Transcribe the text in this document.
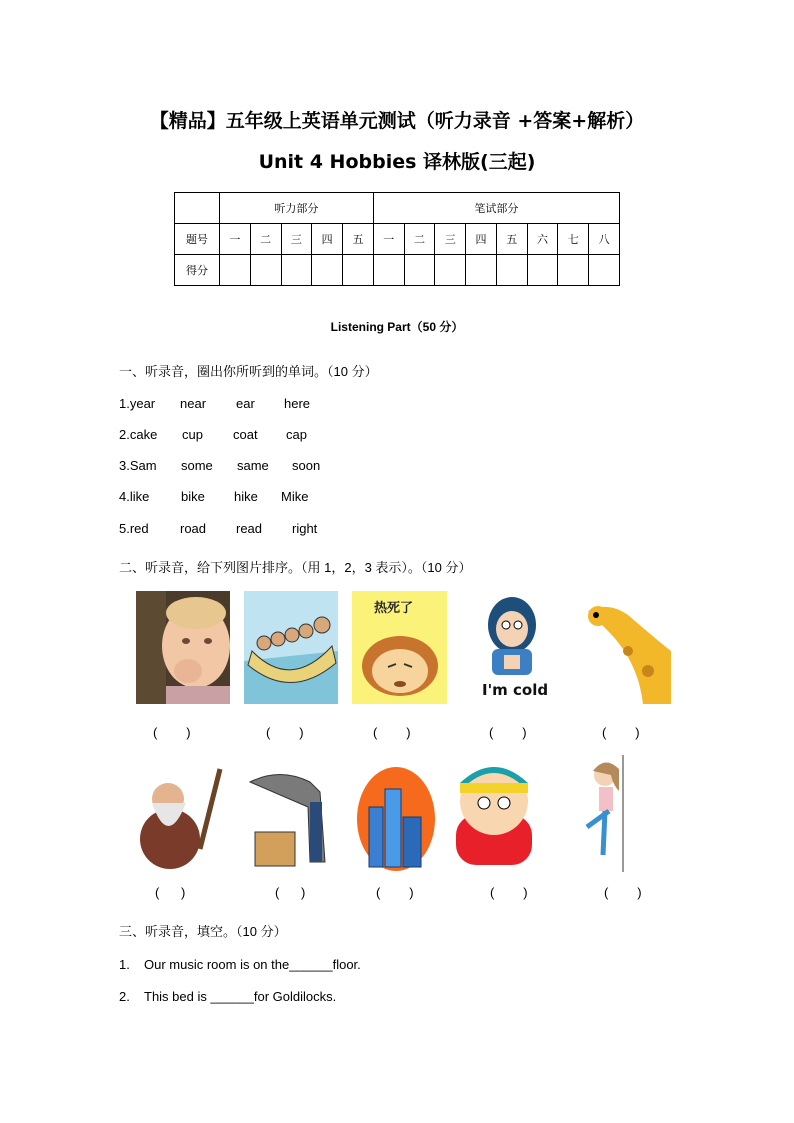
【精品】五年级上英语单元测试（听力录音 +答案+解析）
Unit 4 Hobbies 译林版(三起)
	听力部分					笔试部分							
题号	一	二	三	四	五	一	二	三	四	五	六	七	八
得分													
Listening Part（50 分）
一、听录音，圈出你所听到的单词。（10 分）
1.year near ear here
2.cake cup coat cap
3.Sam some same soon
4.like bike hike Mike
5.red road read right
二、听录音，给下列图片排序。（用 1，2，3 表示）。（10 分）
热死了
I'm cold
(        )	(        )	(        )	(        )	(        )
(      )	(      )	(        )	(        )	(        )
三、听录音，填空。（10 分）
1. Our music room is on the______floor.
2. This bed is ______for Goldilocks.
